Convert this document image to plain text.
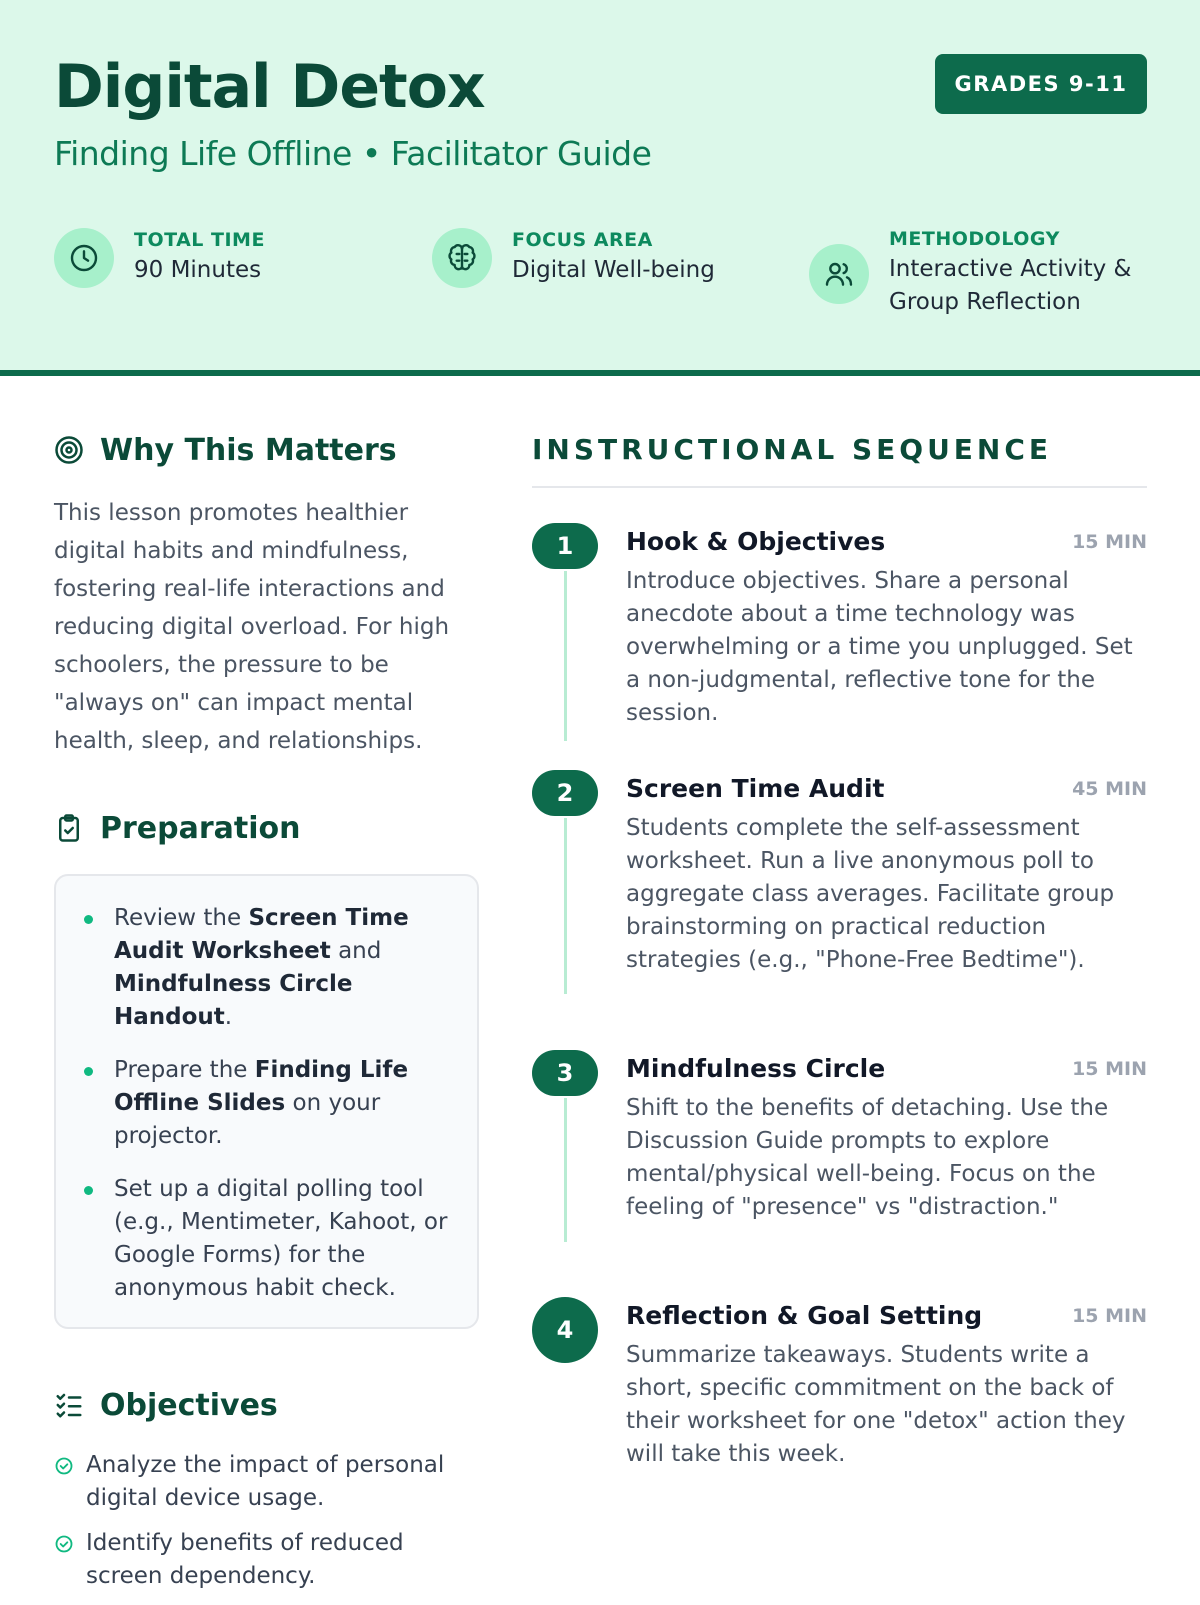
Digital Detox
Finding Life Offline • Facilitator Guide
GRADES 9-11
TOTAL TIME
90 Minutes
FOCUS AREA
Digital Well-being
METHODOLOGY
Interactive Activity & Group Reflection
Why This Matters
This lesson promotes healthier digital habits and mindfulness, fostering real-life interactions and reducing digital overload. For high schoolers, the pressure to be "always on" can impact mental health, sleep, and relationships.
Preparation
Review the Screen Time Audit Worksheet and Mindfulness Circle Handout.
Prepare the Finding Life Offline Slides on your projector.
Set up a digital polling tool (e.g., Mentimeter, Kahoot, or Google Forms) for the anonymous habit check.
Objectives
Analyze the impact of personal digital device usage.
Identify benefits of reduced screen dependency.
INSTRUCTIONAL SEQUENCE
1	Hook & Objectives	15 MIN
Introduce objectives. Share a personal anecdote about a time technology was overwhelming or a time you unplugged. Set a non-judgmental, reflective tone for the session.
2	Screen Time Audit	45 MIN
Students complete the self-assessment worksheet. Run a live anonymous poll to aggregate class averages. Facilitate group brainstorming on practical reduction strategies (e.g., "Phone-Free Bedtime").
3	Mindfulness Circle	15 MIN
Shift to the benefits of detaching. Use the Discussion Guide prompts to explore mental/physical well-being. Focus on the feeling of "presence" vs "distraction."
4	Reflection & Goal Setting	15 MIN
Summarize takeaways. Students write a short, specific commitment on the back of their worksheet for one "detox" action they will take this week.
